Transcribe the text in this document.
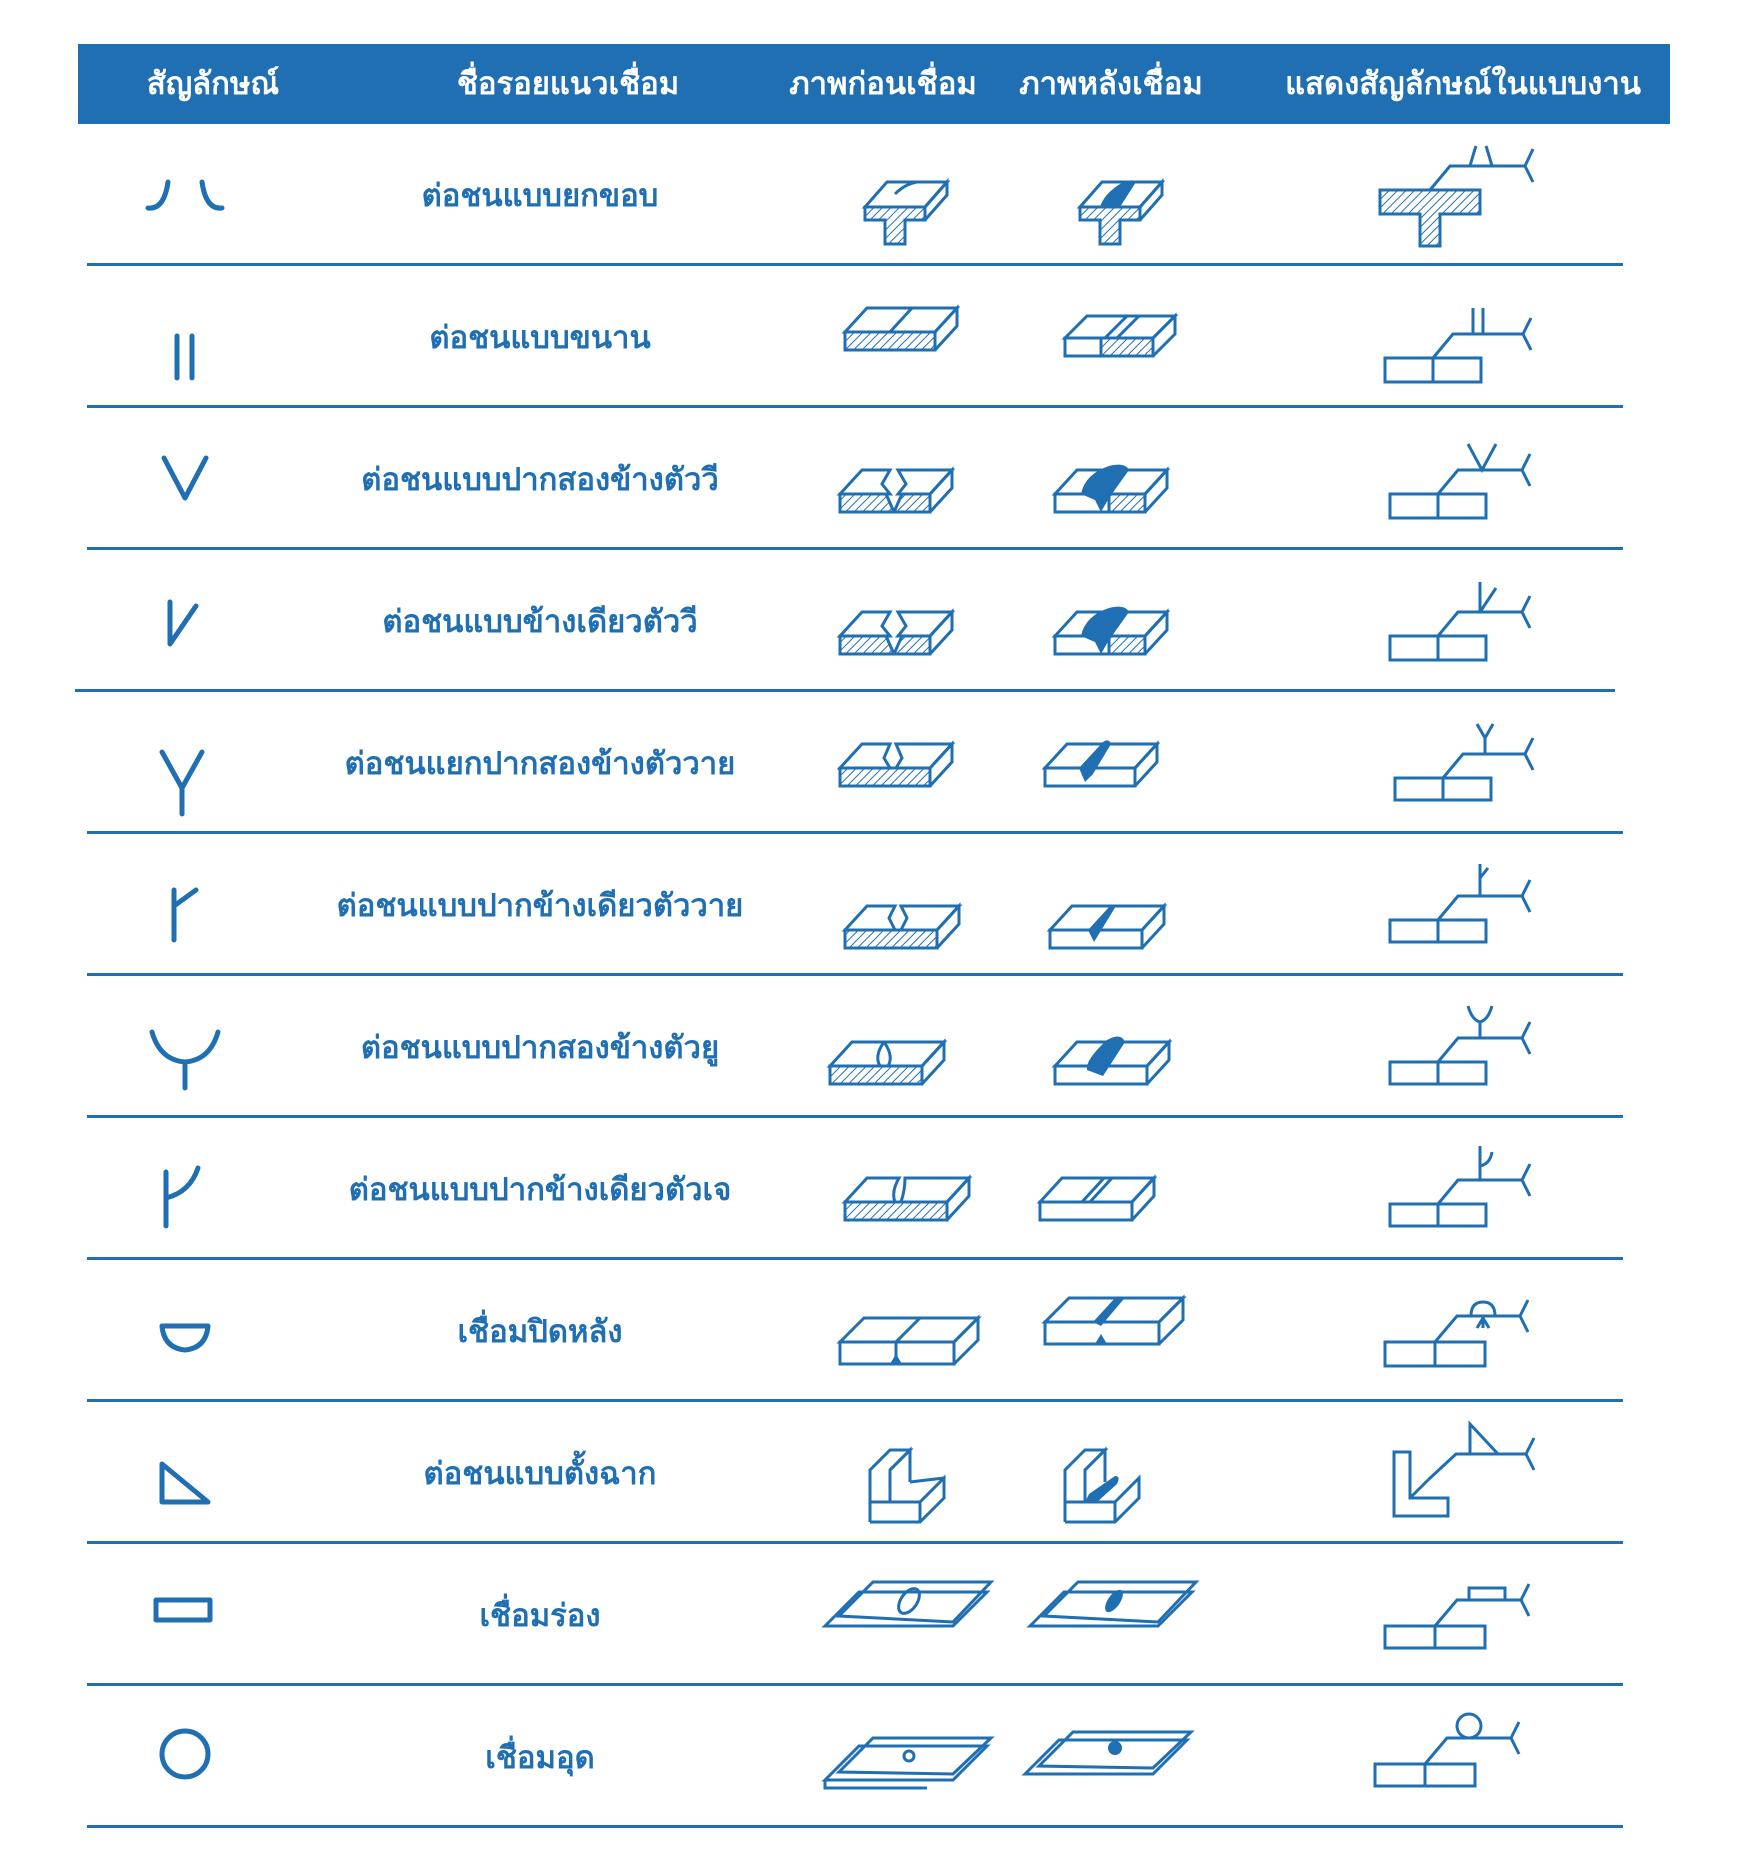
สัญลักษณ์	ชื่อรอยแนวเชื่อม	ภาพก่อนเชื่อม	ภาพหลังเชื่อม	แสดงสัญลักษณ์ในแบบงาน
ต่อชนแบบยกขอบ
ต่อชนแบบขนาน
ต่อชนแบบปากสองข้างตัววี
ต่อชนแบบข้างเดียวตัววี
ต่อชนแยกปากสองข้างตัววาย
ต่อชนแบบปากข้างเดียวตัววาย
ต่อชนแบบปากสองข้างตัวยู
ต่อชนแบบปากข้างเดียวตัวเจ
เชื่อมปิดหลัง
ต่อชนแบบตั้งฉาก
เชื่อมร่อง
เชื่อมอุด
